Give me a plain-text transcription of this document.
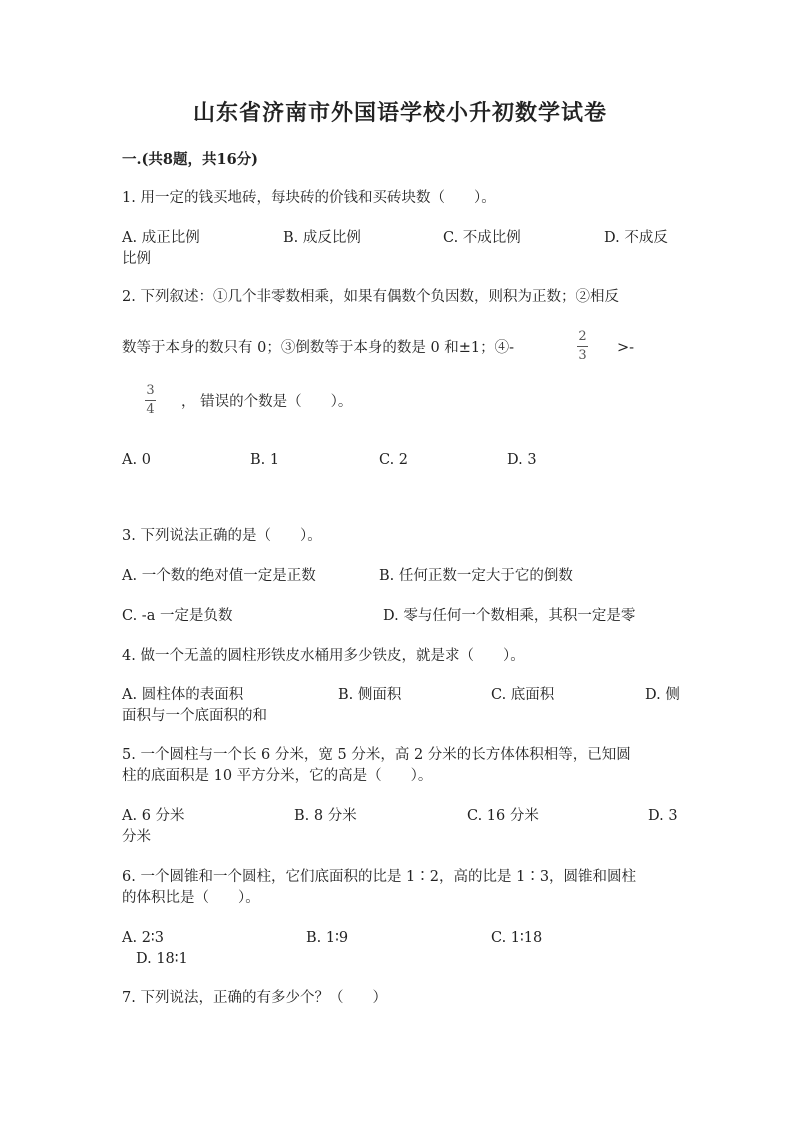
山东省济南市外国语学校小升初数学试卷
一.(共8题，共16分)
1. 用一定的钱买地砖，每块砖的价钱和买砖块数（　　）。
A. 成正比例	B. 成反比例	C. 不成比例	D. 不成反
比例
2. 下列叙述：①几个非零数相乘，如果有偶数个负因数，则积为正数；②相反
数等于本身的数只有 0；③倒数等于本身的数是 0 和±1；④-
2
3 >-
3
4 ， 错误的个数是（　　）。
A. 0	B. 1	C. 2	D. 3
3. 下列说法正确的是（　　）。
A. 一个数的绝对值一定是正数	B. 任何正数一定大于它的倒数
C. -a 一定是负数	D. 零与任何一个数相乘，其积一定是零
4. 做一个无盖的圆柱形铁皮水桶用多少铁皮，就是求（　　）。
A. 圆柱体的表面积	B. 侧面积	C. 底面积	D. 侧
面积与一个底面积的和
5. 一个圆柱与一个长 6 分米，宽 5 分米，高 2 分米的长方体体积相等，已知圆
柱的底面积是 10 平方分米，它的高是（　　）。
A. 6 分米	B. 8 分米	C. 16 分米	D. 3
分米
6. 一个圆锥和一个圆柱，它们底面积的比是 1∶2，高的比是 1∶3，圆锥和圆柱
的体积比是（　　）。
A. 2∶3	B. 1∶9	C. 1∶18
D. 18∶1
7. 下列说法，正确的有多少个？（　　）
